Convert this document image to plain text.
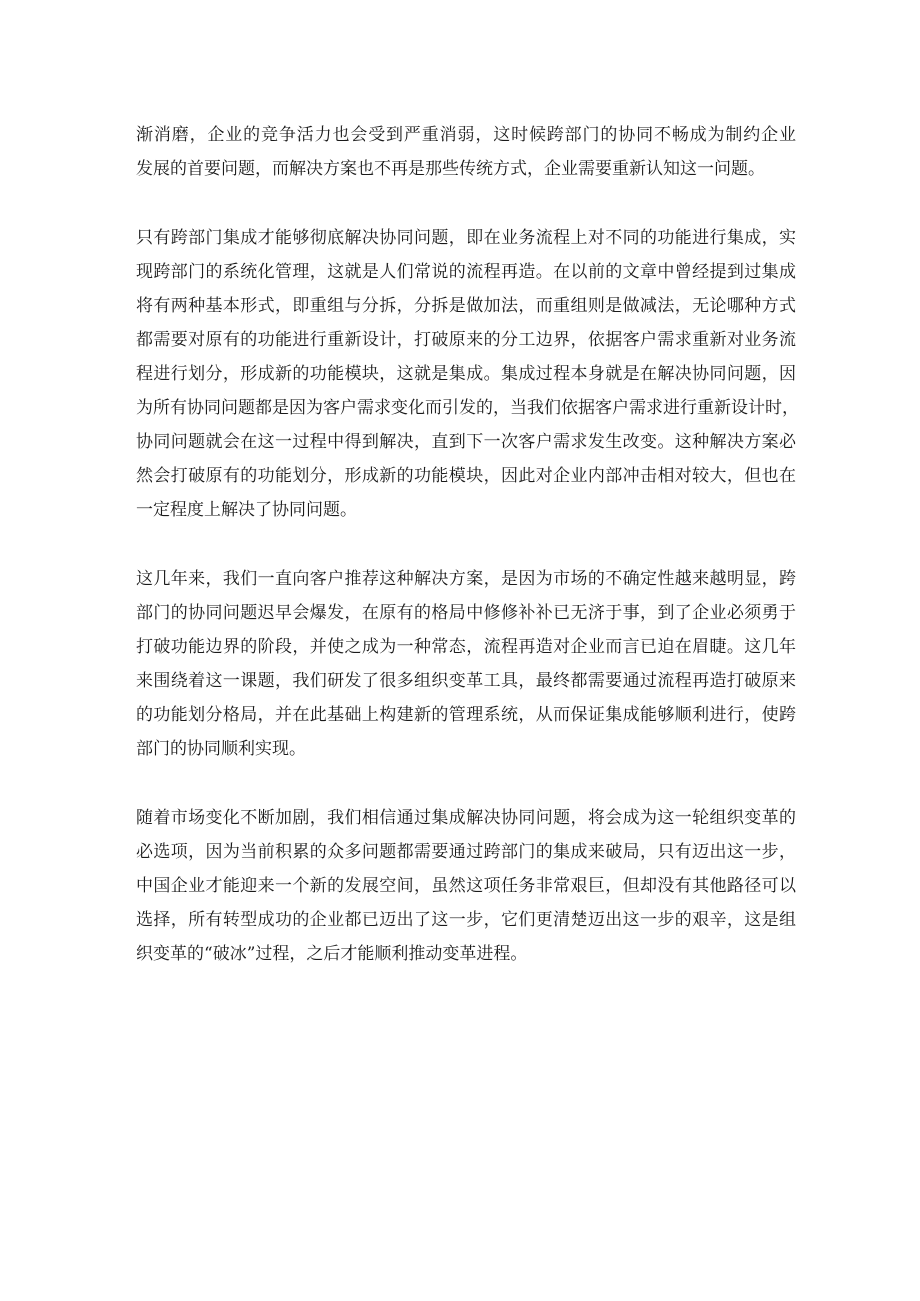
渐消磨，企业的竞争活力也会受到严重消弱，这时候跨部门的协同不畅成为制约企业
发展的首要问题，而解决方案也不再是那些传统方式，企业需要重新认知这一问题。
只有跨部门集成才能够彻底解决协同问题，即在业务流程上对不同的功能进行集成，实
现跨部门的系统化管理，这就是人们常说的流程再造。在以前的文章中曾经提到过集成
将有两种基本形式，即重组与分拆，分拆是做加法，而重组则是做减法，无论哪种方式
都需要对原有的功能进行重新设计，打破原来的分工边界，依据客户需求重新对业务流
程进行划分，形成新的功能模块，这就是集成。集成过程本身就是在解决协同问题，因
为所有协同问题都是因为客户需求变化而引发的，当我们依据客户需求进行重新设计时，
协同问题就会在这一过程中得到解决，直到下一次客户需求发生改变。这种解决方案必
然会打破原有的功能划分，形成新的功能模块，因此对企业内部冲击相对较大，但也在
一定程度上解决了协同问题。
这几年来，我们一直向客户推荐这种解决方案，是因为市场的不确定性越来越明显，跨
部门的协同问题迟早会爆发，在原有的格局中修修补补已无济于事，到了企业必须勇于
打破功能边界的阶段，并使之成为一种常态，流程再造对企业而言已迫在眉睫。这几年
来围绕着这一课题，我们研发了很多组织变革工具，最终都需要通过流程再造打破原来
的功能划分格局，并在此基础上构建新的管理系统，从而保证集成能够顺利进行，使跨
部门的协同顺利实现。
随着市场变化不断加剧，我们相信通过集成解决协同问题，将会成为这一轮组织变革的
必选项，因为当前积累的众多问题都需要通过跨部门的集成来破局，只有迈出这一步，
中国企业才能迎来一个新的发展空间，虽然这项任务非常艰巨，但却没有其他路径可以
选择，所有转型成功的企业都已迈出了这一步，它们更清楚迈出这一步的艰辛，这是组
织变革的“破冰”过程，之后才能顺利推动变革进程。
